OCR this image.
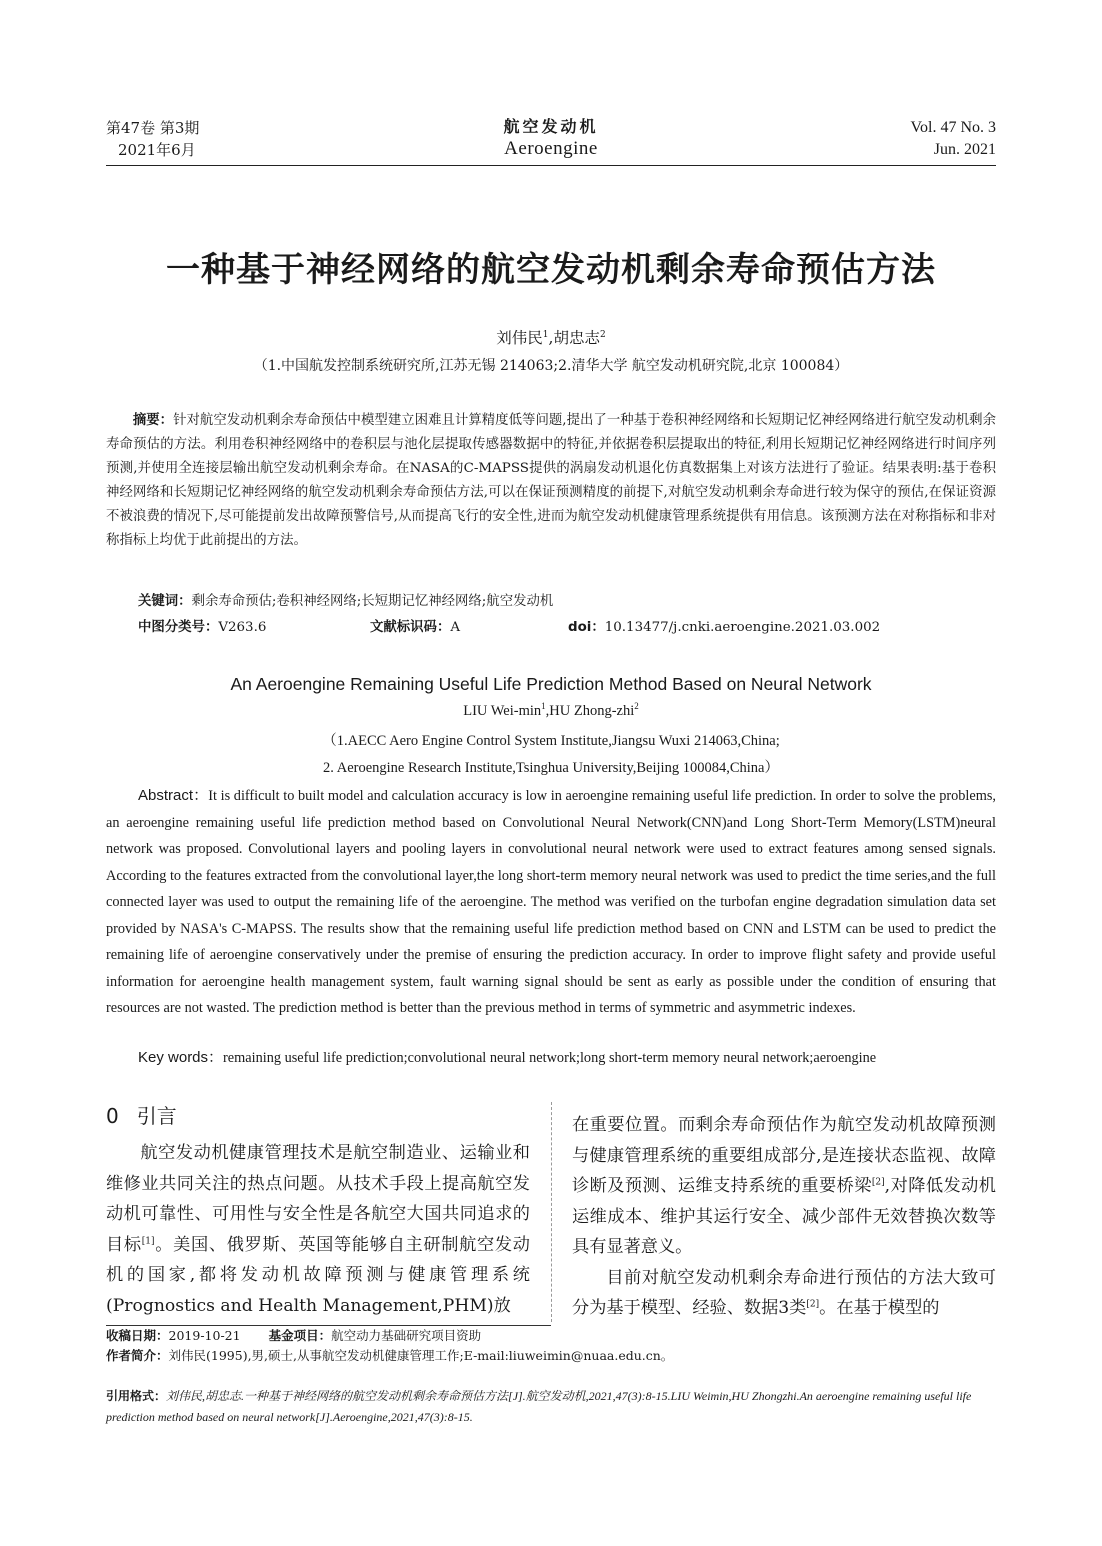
第47卷 第3期
2021年6月
航空发动机
Aeroengine
Vol. 47 No. 3
Jun. 2021
一种基于神经网络的航空发动机剩余寿命预估方法
刘伟民$^1$,胡忠志$^2$
（1.中国航发控制系统研究所,江苏无锡 214063;2.清华大学 航空发动机研究院,北京 100084）
摘要：针对航空发动机剩余寿命预估中模型建立困难且计算精度低等问题,提出了一种基于卷积神经网络和长短期记忆神经网络进行航空发动机剩余寿命预估的方法。利用卷积神经网络中的卷积层与池化层提取传感器数据中的特征,并依据卷积层提取出的特征,利用长短期记忆神经网络进行时间序列预测,并使用全连接层输出航空发动机剩余寿命。在NASA的C-MAPSS提供的涡扇发动机退化仿真数据集上对该方法进行了验证。结果表明:基于卷积神经网络和长短期记忆神经网络的航空发动机剩余寿命预估方法,可以在保证预测精度的前提下,对航空发动机剩余寿命进行较为保守的预估,在保证资源不被浪费的情况下,尽可能提前发出故障预警信号,从而提高飞行的安全性,进而为航空发动机健康管理系统提供有用信息。该预测方法在对称指标和非对称指标上均优于此前提出的方法。
关键词：剩余寿命预估;卷积神经网络;长短期记忆神经网络;航空发动机
中图分类号：V263.6	文献标识码：A	doi：10.13477/j.cnki.aeroengine.2021.03.002
An Aeroengine Remaining Useful Life Prediction Method Based on Neural Network
LIU Wei-$\min^1,HU$ Zhong-zhi$^2$
（1.AECC Aero Engine Control System Institute,Jiangsu Wuxi 214063,China;
2. Aeroengine Research Institute,Tsinghua University,Beijing 100084,China）
Abstract：It is difficult to built model and calculation accuracy is low in aeroengine remaining useful life prediction. In order to solve the problems, an aeroengine remaining useful life prediction method based on Convolutional Neural Network(CNN)and Long Short-Term Memory(LSTM)neural network was proposed. Convolutional layers and pooling layers in convolutional neural network were used to extract features among sensed signals. According to the features extracted from the convolutional layer,the long short-term memory neural network was used to predict the time series,and the full connected layer was used to output the remaining life of the aeroengine. The method was verified on the turbofan engine degradation simulation data set provided by NASA's C-MAPSS. The results show that the remaining useful life prediction method based on CNN and LSTM can be used to predict the remaining life of aeroengine conservatively under the premise of ensuring the prediction accuracy. In order to improve flight safety and provide useful information for aeroengine health management system, fault warning signal should be sent as early as possible under the condition of ensuring that resources are not wasted. The prediction method is better than the previous method in terms of symmetric and asymmetric indexes.
Key words：remaining useful life prediction;convolutional neural network;long short-term memory neural network;aeroengine
0 引言
航空发动机健康管理技术是航空制造业、运输业和维修业共同关注的热点问题。从技术手段上提高航空发动机可靠性、可用性与安全性是各航空大国共同追求的目标[1]。美国、俄罗斯、英国等能够自主研制航空发动机的国家,都将发动机故障预测与健康管理系统(Prognostics and Health Management,PHM)放
在重要位置。而剩余寿命预估作为航空发动机故障预测与健康管理系统的重要组成部分,是连接状态监视、故障诊断及预测、运维支持系统的重要桥梁[2],对降低发动机运维成本、维护其运行安全、减少部件无效替换次数等具有显著意义。
目前对航空发动机剩余寿命进行预估的方法大致可分为基于模型、经验、数据3类[2]。在基于模型的
收稿日期：2019-10-21 基金项目：航空动力基础研究项目资助
作者简介：刘伟民(1995),男,硕士,从事航空发动机健康管理工作;E-mail:liuweimin@nuaa.edu.cn。
引用格式：刘伟民,胡忠志.一种基于神经网络的航空发动机剩余寿命预估方法[J].航空发动机,2021,47(3):8-15.LIU Weimin,HU Zhongzhi.An aeroengine remaining useful life prediction method based on neural network[J].Aeroengine,2021,47(3):8-15.
